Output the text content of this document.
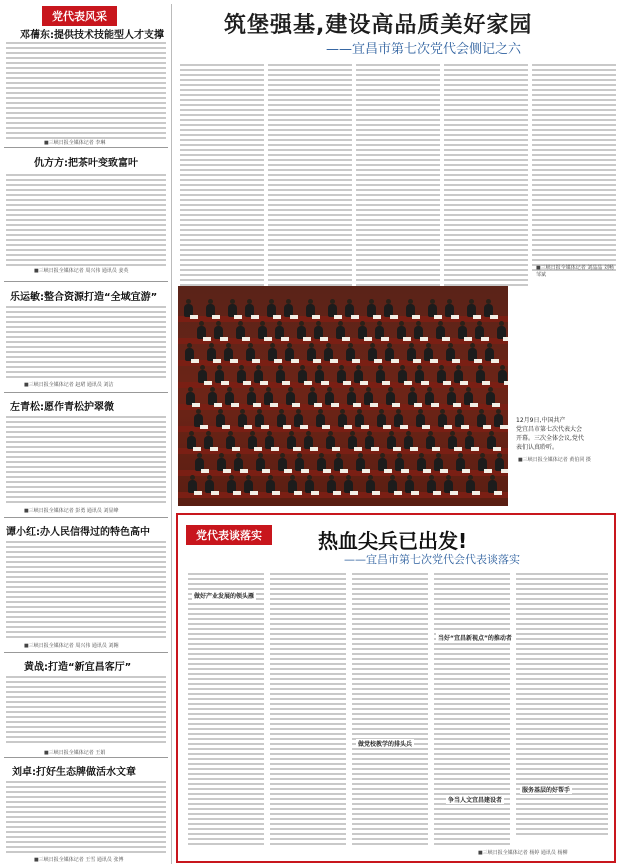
党代表风采
邓蒨东:提供技术技能型人才支撑
■三峡日报全媒体记者 李琳
仇方方:把茶叶变致富叶
■三峡日报全媒体记者 周兴伟 通讯员 姜英
乐运敏:整合资源打造“全域宜游”
■三峡日报全媒体记者 赵珺 通讯员 刘洁
左青松:愿作青松护翠微
■三峡日报全媒体记者 彭勇 通讯员 刘显峰
谭小红:办人民信得过的特色高中
■三峡日报全媒体记者 周兴伟 通讯员 刘翱
黄战:打造“新宜昌客厅”
■三峡日报全媒体记者 王娟
刘卓:打好生态牌做活水文章
■三峡日报全媒体记者 王雪 通讯员 张博
筑堡强基,建设高品质美好家园
——宜昌市第七次党代会侧记之六
■三峡日报全媒体记者 刘晶晶 刘畅 邹斌
12月9日,中国共产
党宜昌市第七次代表大会
开幕。三次全体会议,党代
表们认真聆听。
■三峡日报全媒体记者 黄伯同 摄
党代表谈落实	热血尖兵已出发!
——宜昌市第七次党代会代表谈落实
做好产业发展的领头雁
做党校教学的排头兵
当好“宜昌新视点”的推动者
争当人文宜昌建设者
服务基层的好帮手
■三峡日报全媒体记者 杨婷 通讯员 杨柳
